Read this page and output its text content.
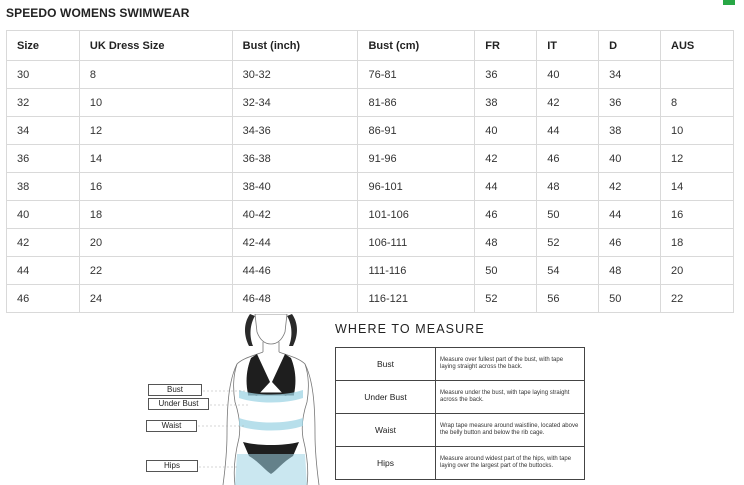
SPEEDO WOMENS SWIMWEAR
Size	UK Dress Size	Bust (inch)	Bust (cm)	FR	IT	D	AUS
30	8	30-32	76-81	36	40	34	
32	10	32-34	81-86	38	42	36	8
34	12	34-36	86-91	40	44	38	10
36	14	36-38	91-96	42	46	40	12
38	16	38-40	96-101	44	48	42	14
40	18	40-42	101-106	46	50	44	16
42	20	42-44	106-111	48	52	46	18
44	22	44-46	111-116	50	54	48	20
46	24	46-48	116-121	52	56	50	22
Bust
Under Bust
Waist
Hips
WHERE TO MEASURE
Bust	Measure over fullest part of the bust, with tape laying straight across the back.
Under Bust	Measure under the bust, with tape laying straight across the back.
Waist	Wrap tape measure around waistline, located above the belly button and below the rib cage.
Hips	Measure around widest part of the hips, with tape laying over the largest part of the buttocks.
